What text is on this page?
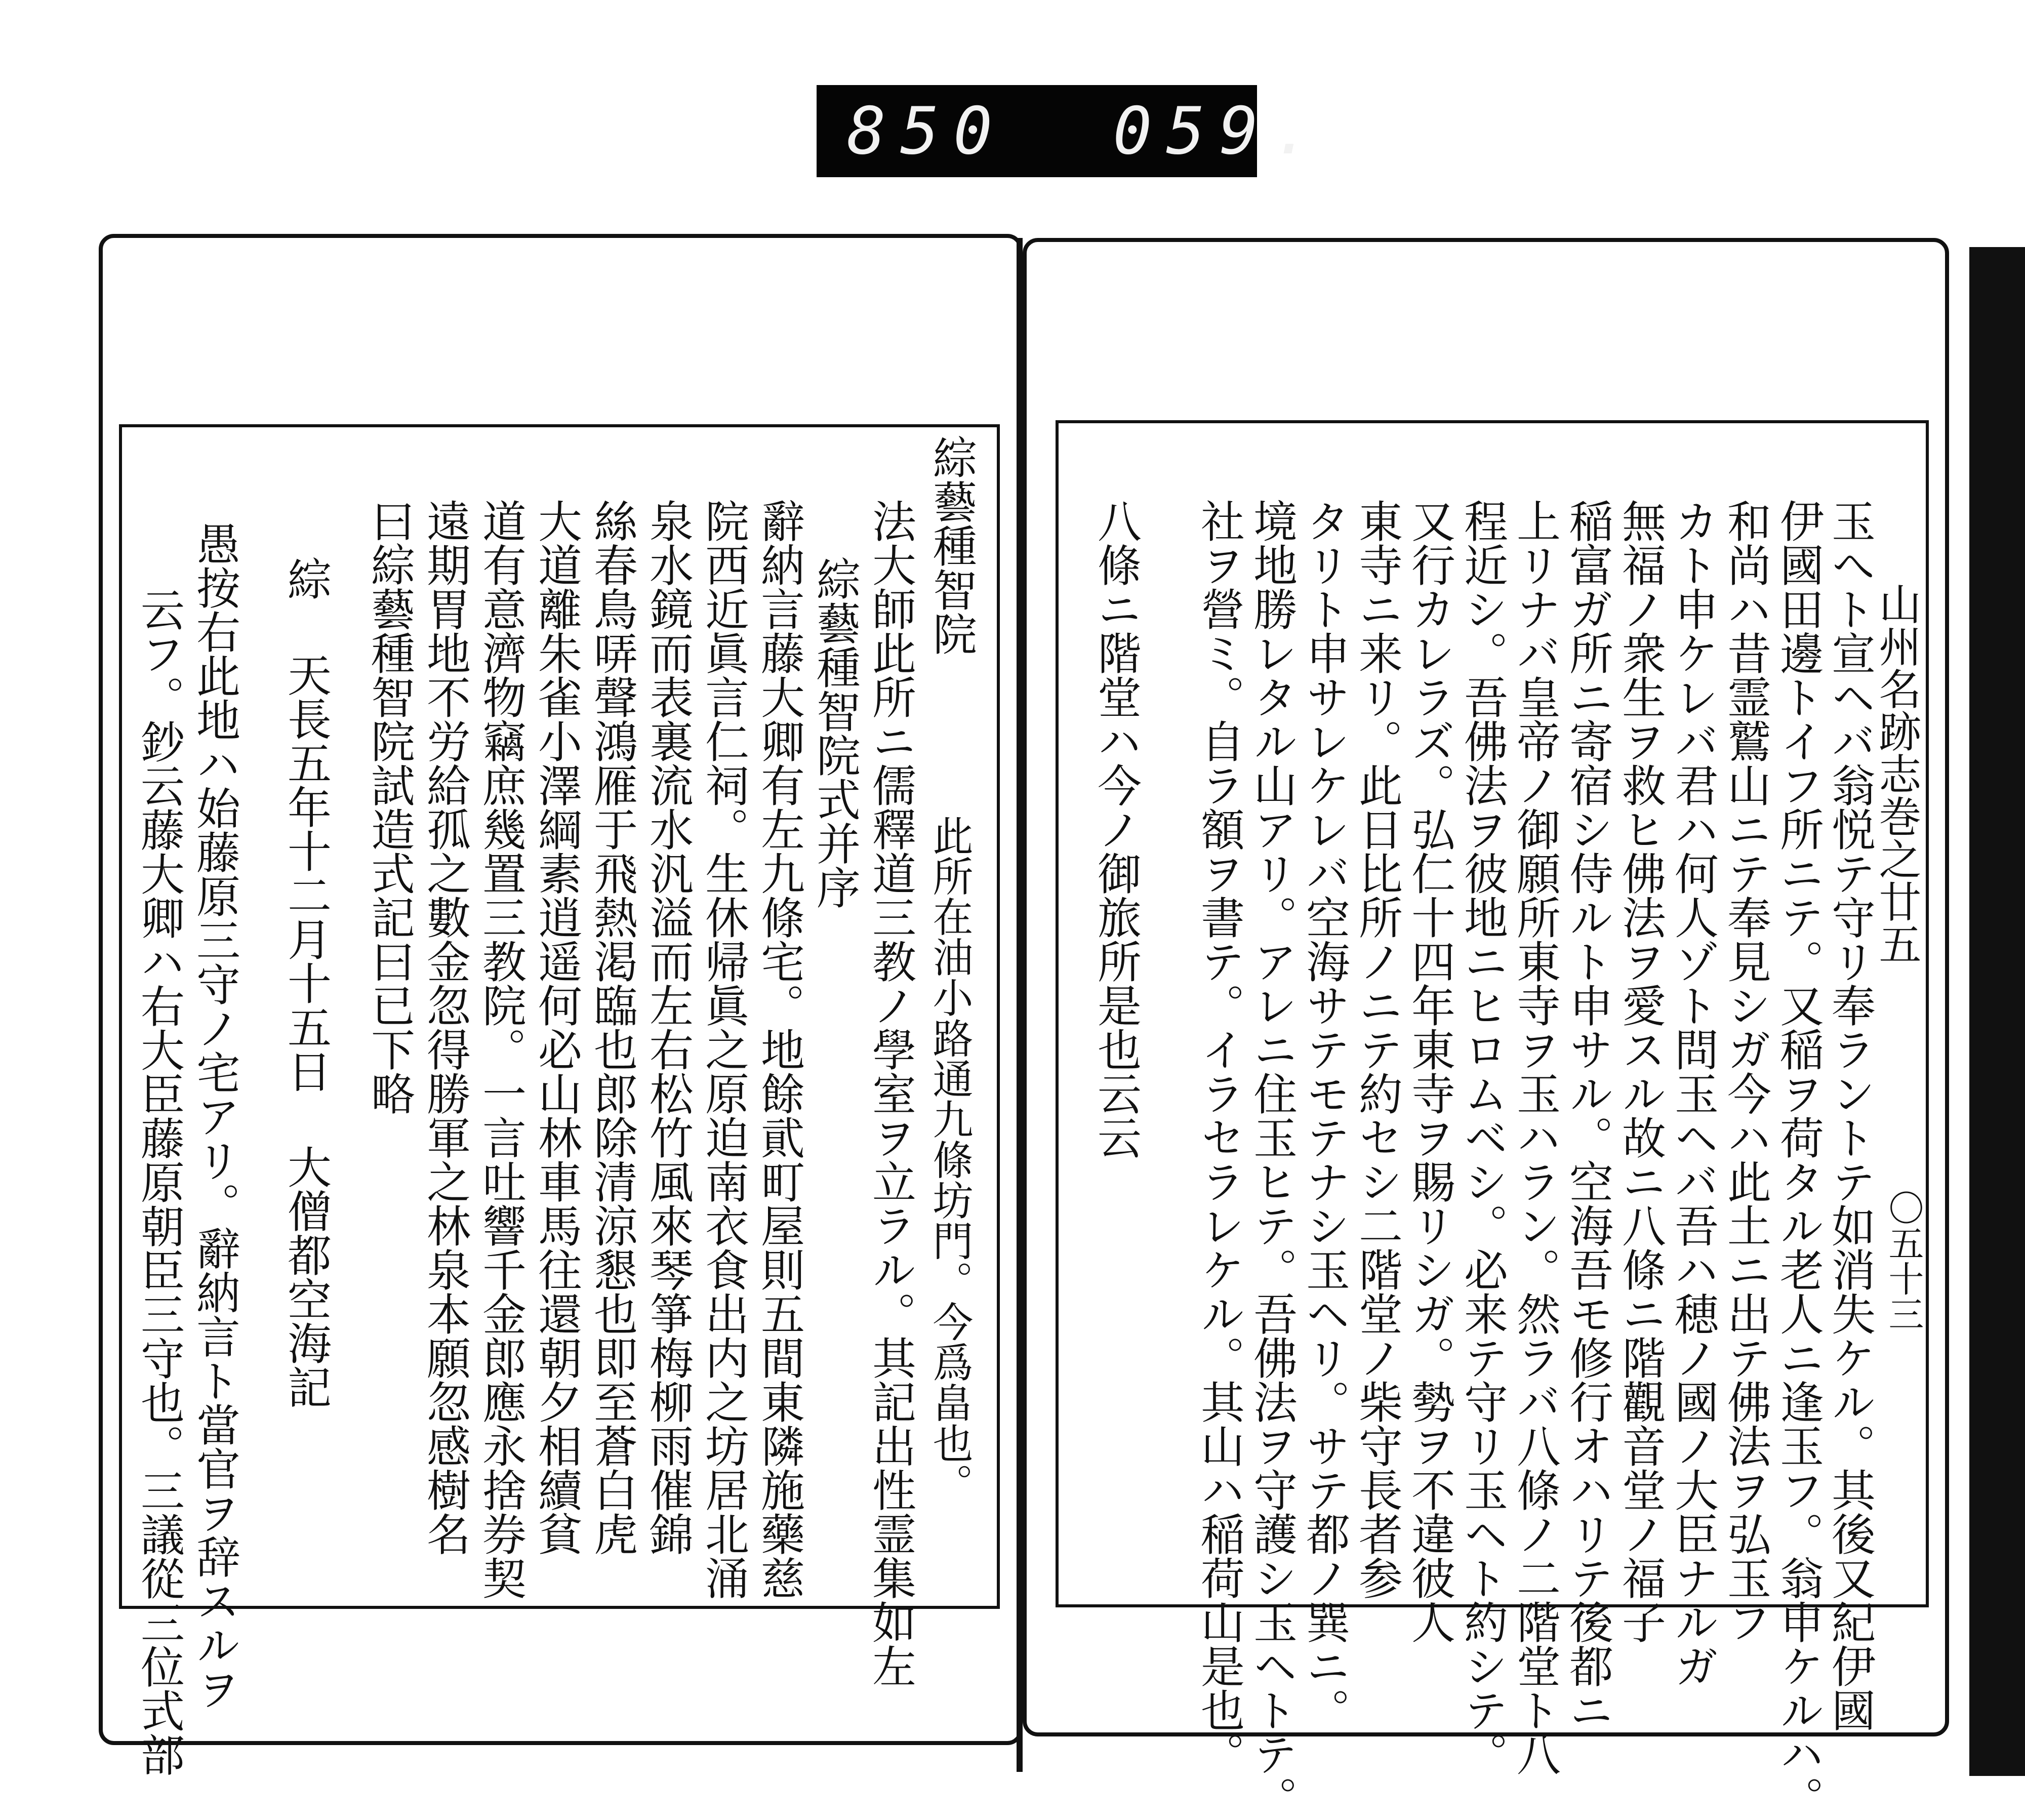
850  059.
山州名跡志巻之廿五
〇五十三
玉へト宣ヘバ翁悦テ守リ奉ラントテ如消失ケル。其後又紀伊國
伊國田邊トイフ所ニテ。又稲ヲ荷タル老人ニ逢玉フ。翁申ケルハ。
和尚ハ昔霊鷲山ニテ奉見シガ今ハ此土ニ出テ佛法ヲ弘玉フ
カト申ケレバ君ハ何人ゾト問玉ヘバ吾ハ穂ノ國ノ大臣ナルガ
無福ノ衆生ヲ救ヒ佛法ヲ愛スル故ニ八條ニ階觀音堂ノ福子
稲富ガ所ニ寄宿シ侍ルト申サル。空海吾モ修行オハリテ後都ニ
上リナバ皇帝ノ御願所東寺ヲ玉ハラン。然ラバ八條ノ二階堂ト八
程近シ。吾佛法ヲ彼地ニヒロムベシ。必来テ守リ玉ヘト約シテ。
又行カレラズ。弘仁十四年東寺ヲ賜リシガ。勢ヲ不違彼人
東寺ニ来リ。此日比所ノニテ約セシ二階堂ノ柴守長者参
タリト申サレケレバ空海サテモテナシ玉ヘリ。サテ都ノ巽ニ。
境地勝レタル山アリ。アレニ住玉ヒテ。吾佛法ヲ守護シ玉ヘトテ。
社ヲ營ミ。自ラ額ヲ書テ。イラセラレケル。其山ハ稲荷山是也。
八條ニ階堂ハ今ノ御旅所是也云云
綜藝種智院
此所在油小路通九條坊門。今爲畠也。
法大師此所ニ儒釋道三教ノ學室ヲ立ラル。其記出性霊集如左
綜藝種智院式并序
辭納言藤大卿有左九條宅。地餘貮町屋則五間東隣施藥慈
院西近眞言仁祠。生休帰眞之原迫南衣食出内之坊居北涌
泉水鏡而表裏流水汎溢而左右松竹風來琴箏梅柳雨催錦
絲春鳥哢聲鴻雁于飛熱渇臨也郎除清涼懇也即至蒼白虎
大道離朱雀小澤綱素逍遥何必山林車馬往還朝夕相續貧
道有意濟物竊庶幾置三教院。一言吐響千金郎應永捨券契
遠期胃地不労給孤之數金忽得勝軍之林泉本願忽感樹名
曰綜藝種智院試造式記曰已下略
綜 天長五年十二月十五日 大僧都空海記
愚按右此地ハ始藤原三守ノ宅アリ。辭納言ト當官ヲ辞スルヲ
云フ。鈔云藤大卿ハ右大臣藤原朝臣三守也。三議從三位式部
